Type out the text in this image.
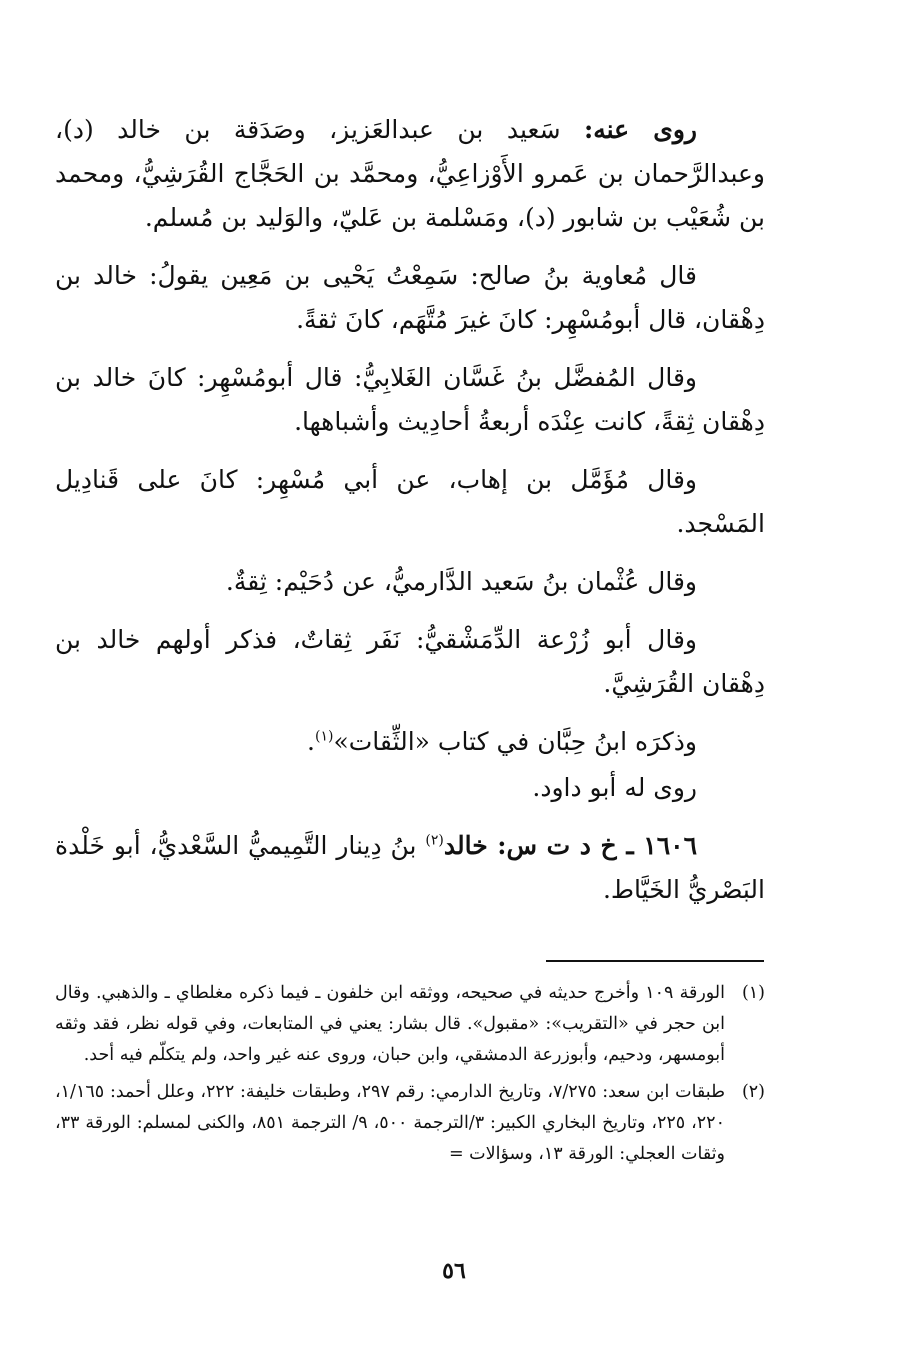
روى عنه: سَعيد بن عبدالعَزيز، وصَدَقة بن خالد (د)، وعبدالرَّحمان بن عَمرو الأَوْزاعِيُّ، ومحمَّد بن الحَجَّاج القُرَشِيُّ، ومحمد بن شُعَيْب بن شابور (د)، ومَسْلمة بن عَليّ، والوَليد بن مُسلم.

قال مُعاوية بنُ صالح: سَمِعْتُ يَحْيى بن مَعِين يقولُ: خالد بن دِهْقان، قال أبومُسْهِر: كانَ غيرَ مُتَّهَم، كانَ ثقةً.

وقال المُفضَّل بنُ غَسَّان الغَلابِيُّ: قال أبومُسْهِر: كانَ خالد بن دِهْقان ثِقةً، كانت عِنْدَه أربعةُ أحادِيث وأشباهها.

وقال مُؤَمَّل بن إهاب، عن أبي مُسْهِر: كانَ على قَنادِيل المَسْجد.

وقال عُثْمان بنُ سَعيد الدَّارميُّ، عن دُحَيْم: ثِقةٌ.

وقال أبو زُرْعة الدِّمَشْقيُّ: نَفَر ثِقاتٌ، فذكر أولهم خالد بن دِهْقان القُرَشِيَّ.

وذكرَه ابنُ حِبَّان في كتاب «الثِّقات»$^{(١)}$.

روى له أبو داود.

١٦٠٦ ـ خ د ت س: خالد$^{(٢)}$ بنُ دِينار التَّمِيميُّ السَّعْديُّ، أبو خَلْدة البَصْريُّ الخَيَّاط.

(١)
الورقة ١٠٩ وأخرج حديثه في صحيحه، ووثقه ابن خلفون ـ فيما ذكره مغلطاي ـ والذهبي. وقال ابن حجر في «التقريب»: «مقبول». قال بشار: يعني في المتابعات، وفي قوله نظر، فقد وثقه أبومسهر، ودحيم، وأبوزرعة الدمشقي، وابن حبان، وروى عنه غير واحد، ولم يتكلّم فيه أحد.
(٢)
طبقات ابن سعد: ٧/٢٧٥، وتاريخ الدارمي: رقم ٢٩٧، وطبقات خليفة: ٢٢٢، وعلل أحمد: ١/١٦٥، ٢٢٠، ٢٢٥، وتاريخ البخاري الكبير: ٣/الترجمة ٥٠٠، ٩/ الترجمة ٨٥١، والكنى لمسلم: الورقة ٣٣، وثقات العجلي: الورقة ١٣، وسؤالات =
٥٦
